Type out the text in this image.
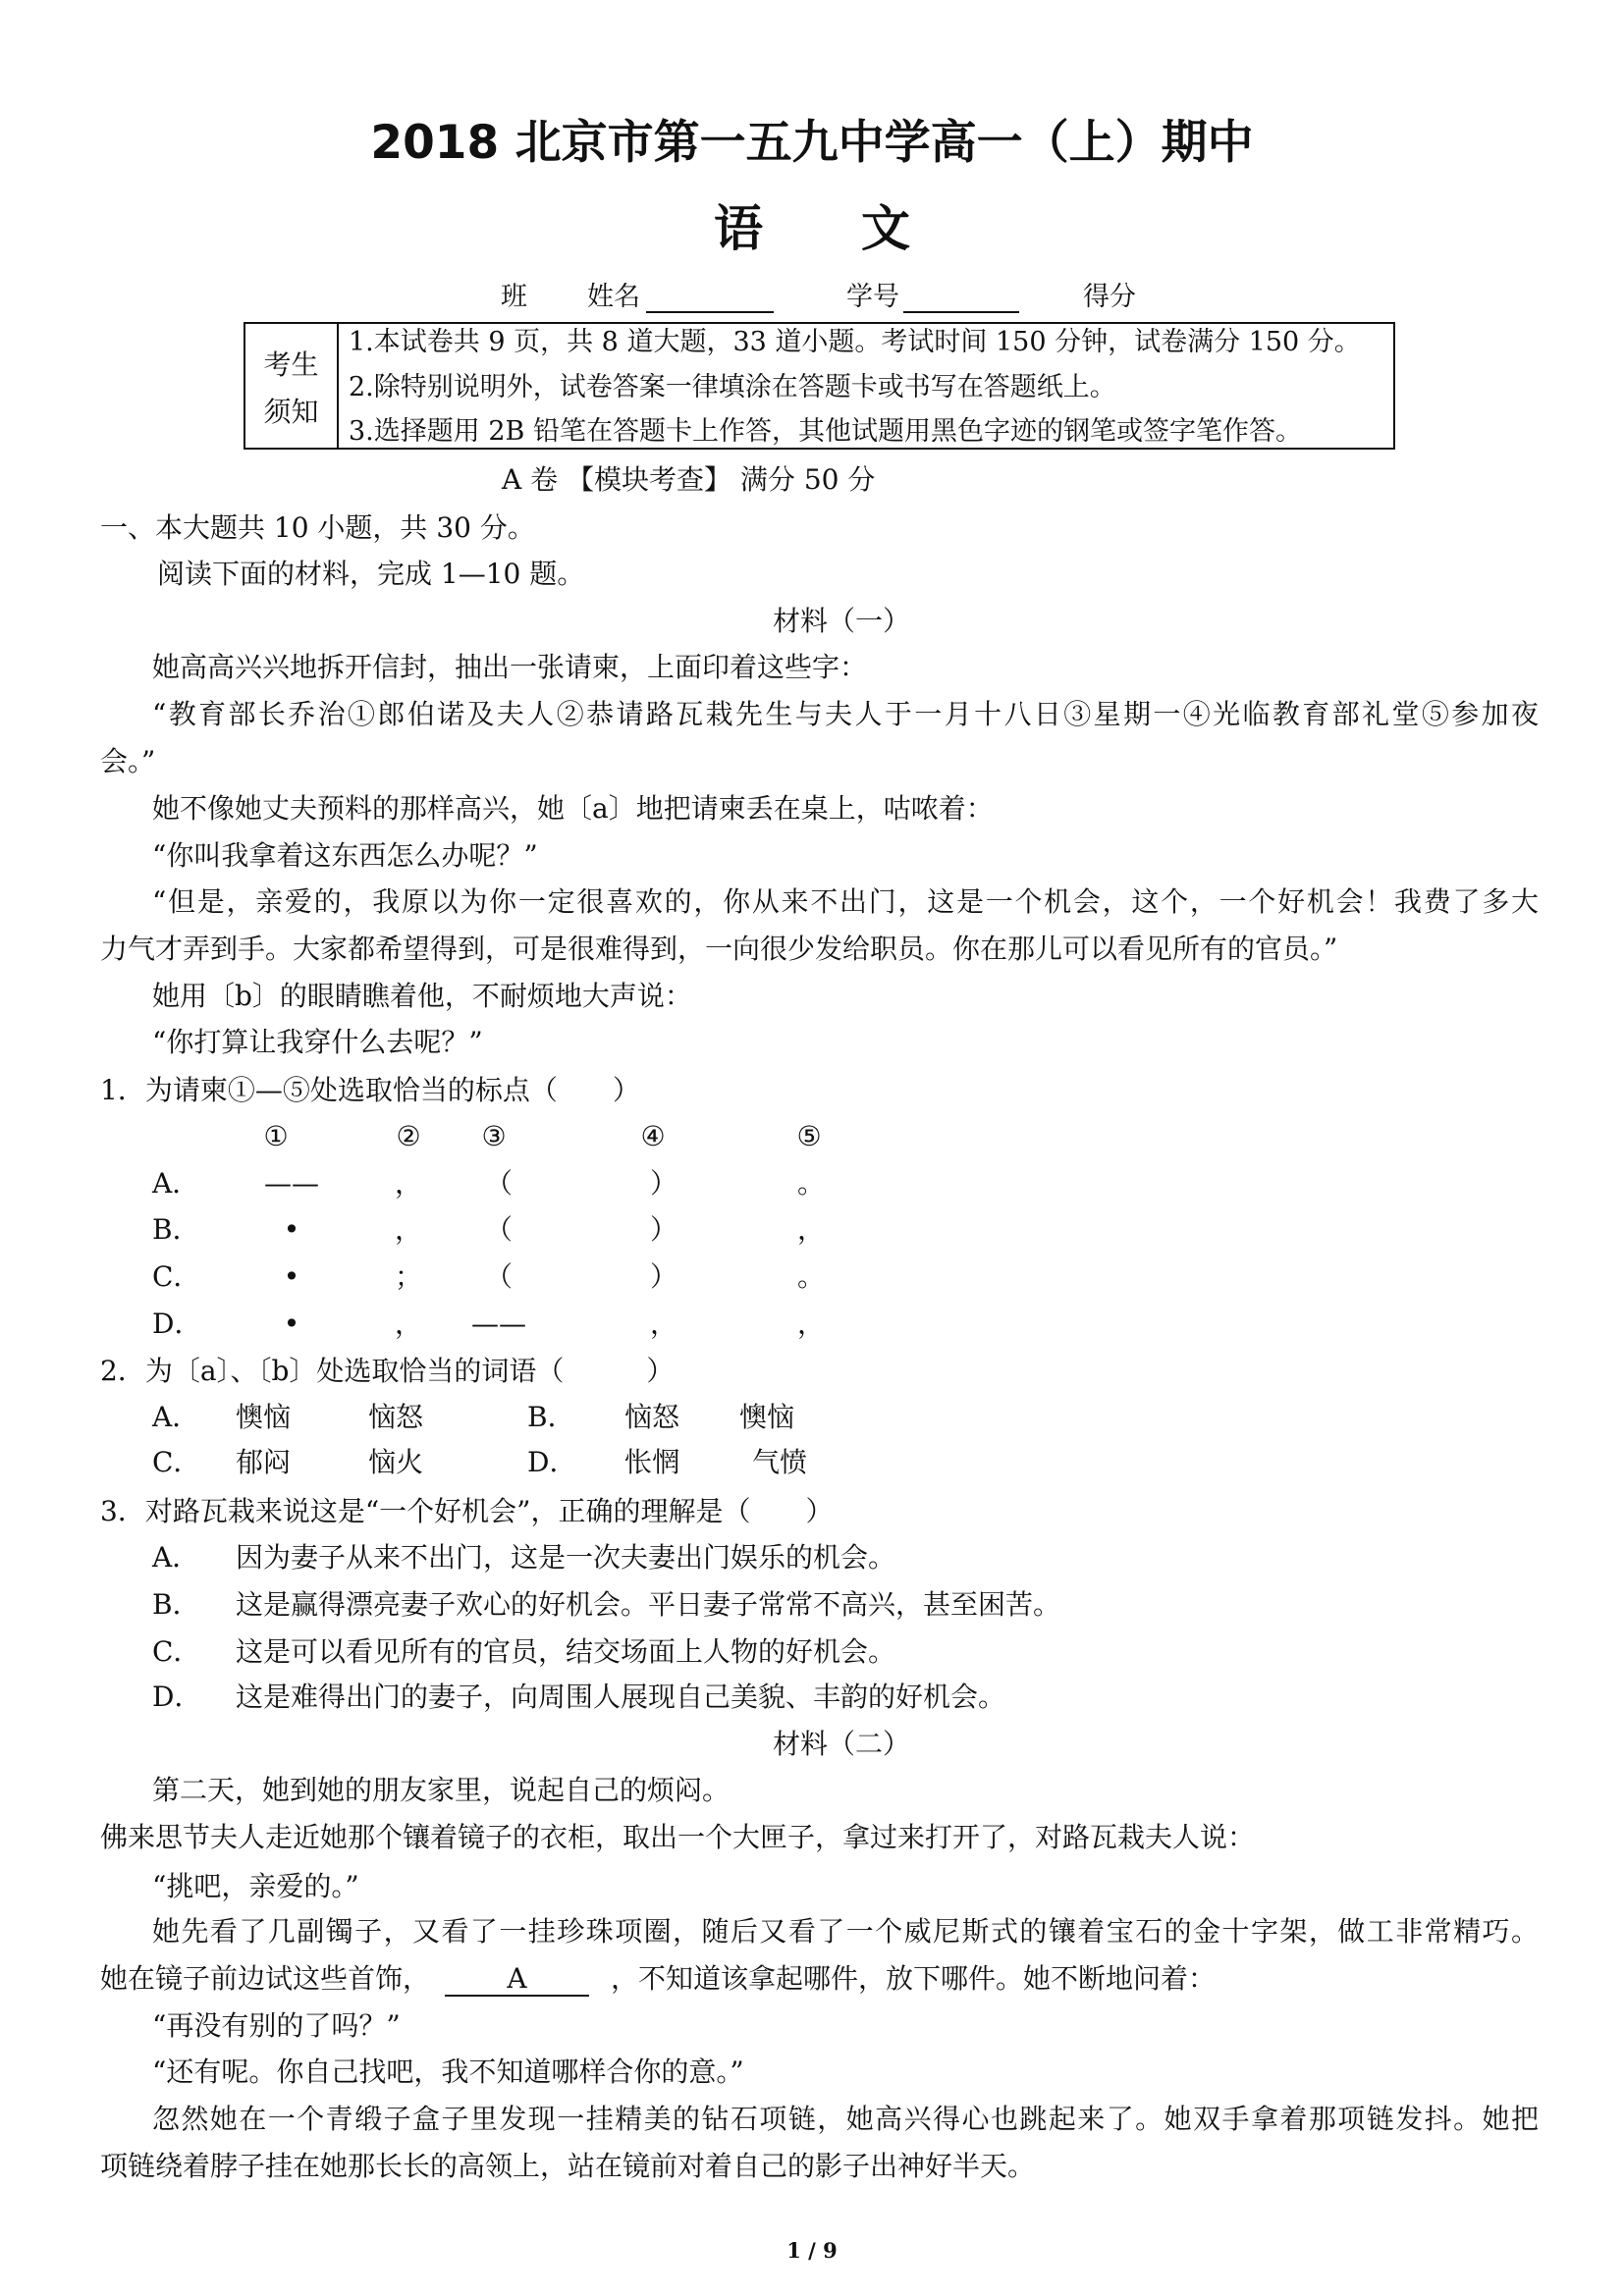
2018 北京市第一五九中学高一（上）期中
语　　文
班 姓名	学号	得分
考生
须知
1.本试卷共 9 页，共 8 道大题，33 道小题。考试时间 150 分钟，试卷满分 150 分。
2.除特别说明外，试卷答案一律填涂在答题卡或书写在答题纸上。
3.选择题用 2B 铅笔在答题卡上作答，其他试题用黑色字迹的钢笔或签字笔作答。
A 卷 【模块考查】 满分 50 分
一、本大题共 10 小题，共 30 分。
阅读下面的材料，完成 1—10 题。
材料（一）
她高高兴兴地拆开信封，抽出一张请柬，上面印着这些字：
“教育部长乔治①郎伯诺及夫人②恭请路瓦栽先生与夫人于一月十八日③星期一④光临教育部礼堂⑤参加夜
会。”
她不像她丈夫预料的那样高兴，她〔a〕地把请柬丢在桌上，咕哝着：
“你叫我拿着这东西怎么办呢？”
“但是，亲爱的，我原以为你一定很喜欢的，你从来不出门，这是一个机会，这个，一个好机会！我费了多大
力气才弄到手。大家都希望得到，可是很难得到，一向很少发给职员。你在那儿可以看见所有的官员。”
她用〔b〕的眼睛瞧着他，不耐烦地大声说：
“你打算让我穿什么去呢？”
1．为请柬①—⑤处选取恰当的标点（　　）
①	②	③	④	⑤
A． ——	，	（	）	。
B．	•	，	（	）	，
C．	•	；	（	）	。
D．	•	，	——	，	，
2．为〔a〕、〔b〕处选取恰当的词语（　　　）
A． 懊恼	恼怒	B． 恼怒 懊恼
C． 郁闷	恼火	D． 怅惘	气愤
3．对路瓦栽来说这是“一个好机会”，正确的理解是（　　）
A． 因为妻子从来不出门，这是一次夫妻出门娱乐的机会。
B． 这是赢得漂亮妻子欢心的好机会。平日妻子常常不高兴，甚至困苦。
C． 这是可以看见所有的官员，结交场面上人物的好机会。
D． 这是难得出门的妻子，向周围人展现自己美貌、丰韵的好机会。
材料（二）
第二天，她到她的朋友家里，说起自己的烦闷。
佛来思节夫人走近她那个镶着镜子的衣柜，取出一个大匣子，拿过来打开了，对路瓦栽夫人说：
“挑吧，亲爱的。”
她先看了几副镯子，又看了一挂珍珠项圈，随后又看了一个威尼斯式的镶着宝石的金十字架，做工非常精巧。
她在镜子前边试这些首饰，	A	，不知道该拿起哪件，放下哪件。她不断地问着：
“再没有别的了吗？”
“还有呢。你自己找吧，我不知道哪样合你的意。”
忽然她在一个青缎子盒子里发现一挂精美的钻石项链，她高兴得心也跳起来了。她双手拿着那项链发抖。她把
项链绕着脖子挂在她那长长的高领上，站在镜前对着自己的影子出神好半天。
1 / 9
